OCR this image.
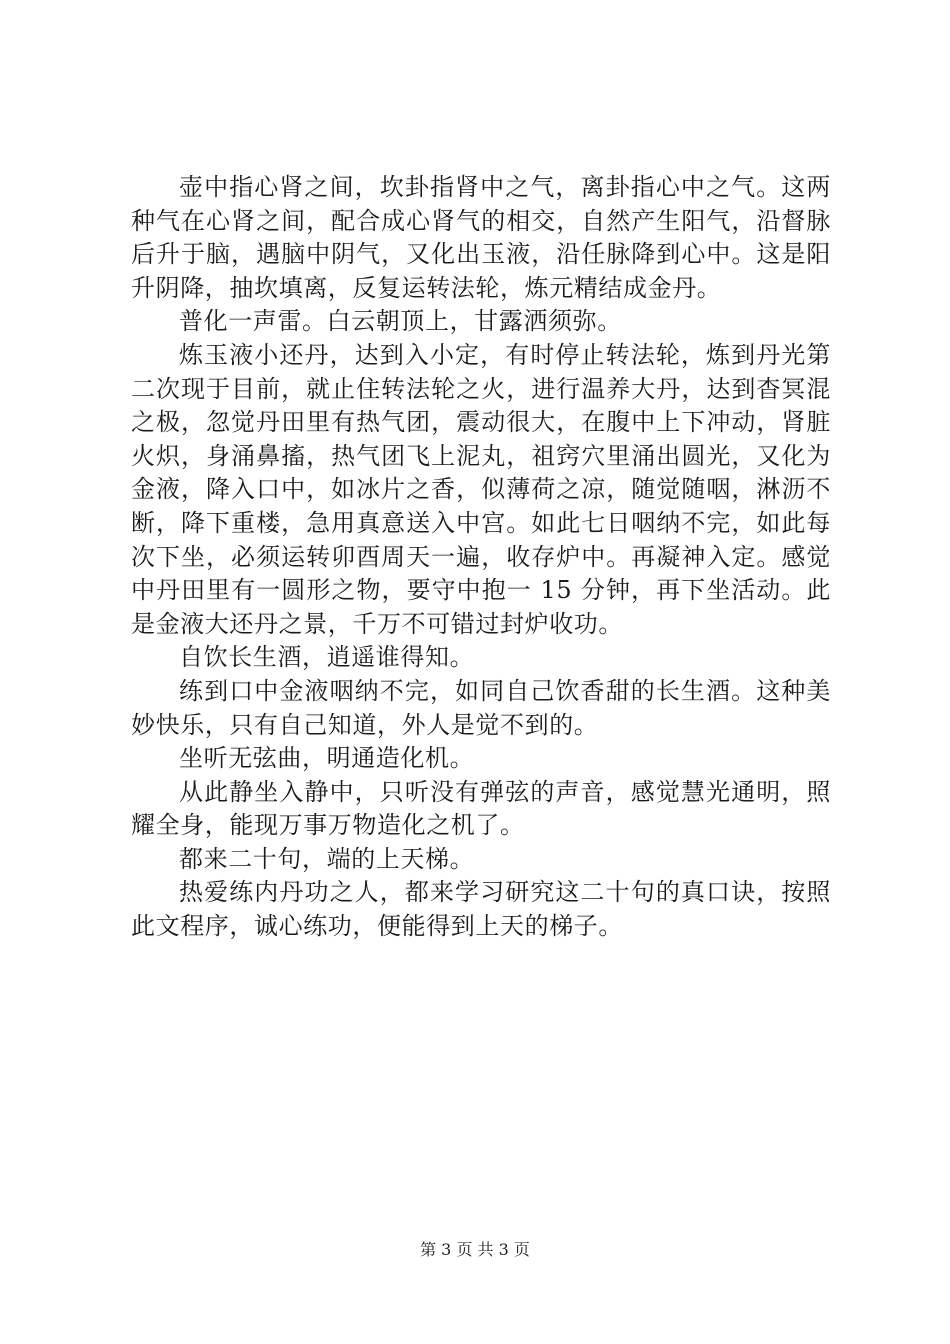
壶中指心肾之间，坎卦指肾中之气，离卦指心中之气。这两种气在心肾之间，配合成心肾气的相交，自然产生阳气，沿督脉后升于脑，遇脑中阴气，又化出玉液，沿任脉降到心中。这是阳升阴降，抽坎填离，反复运转法轮，炼元精结成金丹。

普化一声雷。白云朝顶上，甘露洒须弥。

炼玉液小还丹，达到入小定，有时停止转法轮，炼到丹光第二次现于目前，就止住转法轮之火，进行温养大丹，达到杳冥混之极，忽觉丹田里有热气团，震动很大，在腹中上下冲动，肾脏火炽，身涌鼻搐，热气团飞上泥丸，祖窍穴里涌出圆光，又化为金液，降入口中，如冰片之香，似薄荷之凉，随觉随咽，淋沥不断，降下重楼，急用真意送入中宫。如此七日咽纳不完，如此每次下坐，必须运转卯酉周天一遍，收存炉中。再凝神入定。感觉中丹田里有一圆形之物，要守中抱一 15 分钟，再下坐活动。此是金液大还丹之景，千万不可错过封炉收功。

自饮长生酒，逍遥谁得知。

练到口中金液咽纳不完，如同自己饮香甜的长生酒。这种美妙快乐，只有自己知道，外人是觉不到的。

坐听无弦曲，明通造化机。

从此静坐入静中，只听没有弹弦的声音，感觉慧光通明，照耀全身，能现万事万物造化之机了。

都来二十句，端的上天梯。

热爱练内丹功之人，都来学习研究这二十句的真口诀，按照此文程序，诚心练功，便能得到上天的梯子。

第 3 页 共 3 页
